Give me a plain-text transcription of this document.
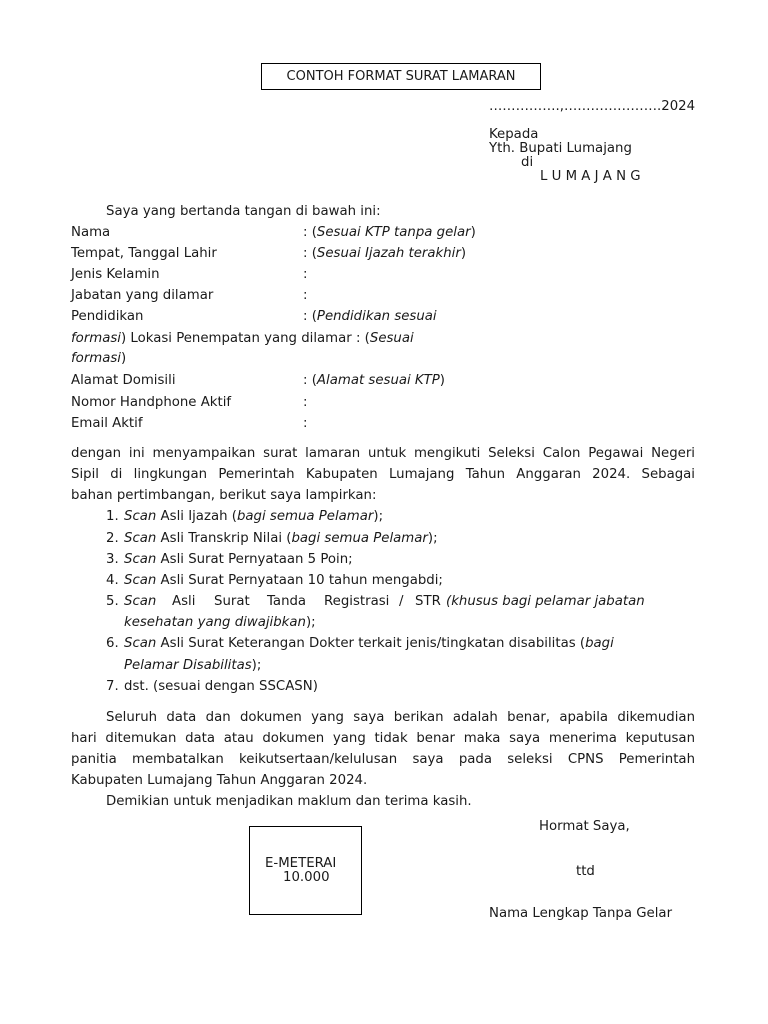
CONTOH FORMAT SURAT LAMARAN
…………….,………………….2024
Kepada
Yth. Bupati Lumajang
di
L U M A J A N G
Saya yang bertanda tangan di bawah ini:
Nama	: (Sesuai KTP tanpa gelar)
Tempat, Tanggal Lahir	: (Sesuai Ijazah terakhir)
Jenis Kelamin	:
Jabatan yang dilamar	:
Pendidikan	: (Pendidikan sesuai
formasi) Lokasi Penempatan yang dilamar : (Sesuai
formasi)
Alamat Domisili	: (Alamat sesuai KTP)
Nomor Handphone Aktif	:
Email Aktif	:
dengan ini menyampaikan surat lamaran untuk mengikuti Seleksi Calon Pegawai Negeri
Sipil di lingkungan Pemerintah Kabupaten Lumajang Tahun Anggaran 2024. Sebagai
bahan pertimbangan, berikut saya lampirkan:
1. Scan Asli Ijazah (bagi semua Pelamar);
2. Scan Asli Transkrip Nilai (bagi semua Pelamar);
3. Scan Asli Surat Pernyataan 5 Poin;
4. Scan Asli Surat Pernyataan 10 tahun mengabdi;
5. Scan Asli Surat Tanda Registrasi / STR (khusus bagi pelamar jabatan
kesehatan yang diwajibkan);
6. Scan Asli Surat Keterangan Dokter terkait jenis/tingkatan disabilitas (bagi
Pelamar Disabilitas);
7. dst. (sesuai dengan SSCASN)
Seluruh data dan dokumen yang saya berikan adalah benar, apabila dikemudian
hari ditemukan data atau dokumen yang tidak benar maka saya menerima keputusan
panitia membatalkan keikutsertaan/kelulusan saya pada seleksi CPNS Pemerintah
Kabupaten Lumajang Tahun Anggaran 2024.
Demikian untuk menjadikan maklum dan terima kasih.
Hormat Saya,
ttd
Nama Lengkap Tanpa Gelar
E-METERAI
10.000
